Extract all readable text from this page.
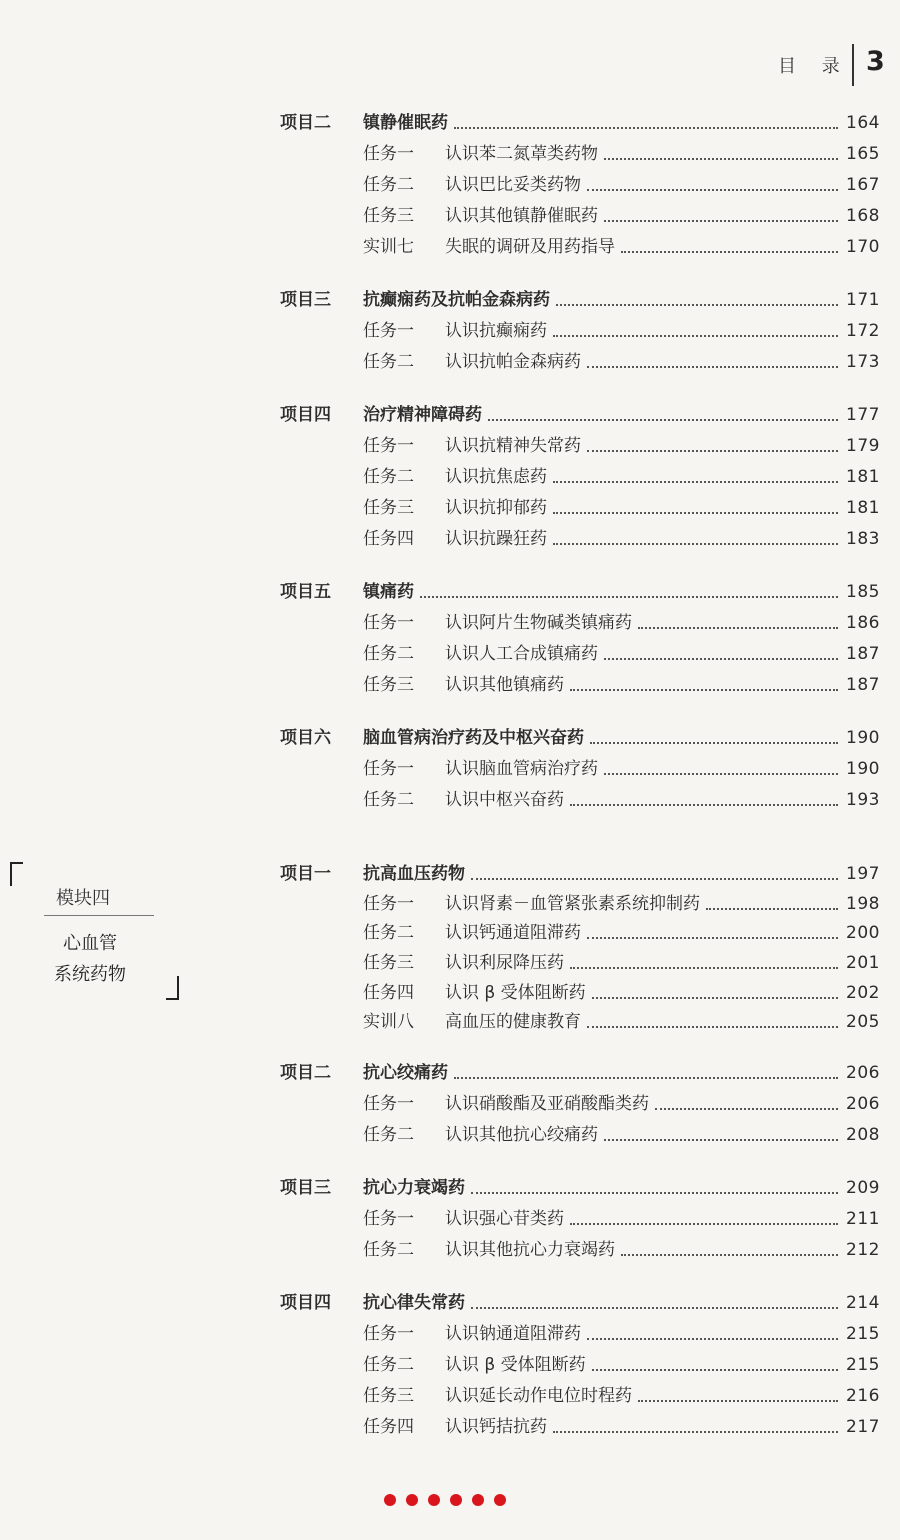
目 录 3
模块四
心血管
系统药物
项目二 镇静催眠药	164
任务一 认识苯二氮䓬类药物	165
任务二 认识巴比妥类药物	167
任务三 认识其他镇静催眠药	168
实训七 失眠的调研及用药指导	170
项目三 抗癫痫药及抗帕金森病药	171
任务一 认识抗癫痫药	172
任务二 认识抗帕金森病药	173
项目四 治疗精神障碍药	177
任务一 认识抗精神失常药	179
任务二 认识抗焦虑药	181
任务三 认识抗抑郁药	181
任务四 认识抗躁狂药	183
项目五 镇痛药	185
任务一 认识阿片生物碱类镇痛药	186
任务二 认识人工合成镇痛药	187
任务三 认识其他镇痛药	187
项目六 脑血管病治疗药及中枢兴奋药	190
任务一 认识脑血管病治疗药	190
任务二 认识中枢兴奋药	193
项目一 抗高血压药物	197
任务一 认识肾素－血管紧张素系统抑制药	198
任务二 认识钙通道阻滞药	200
任务三 认识利尿降压药	201
任务四 认识 β 受体阻断药	202
实训八 高血压的健康教育	205
项目二 抗心绞痛药	206
任务一 认识硝酸酯及亚硝酸酯类药	206
任务二 认识其他抗心绞痛药	208
项目三 抗心力衰竭药	209
任务一 认识强心苷类药	211
任务二 认识其他抗心力衰竭药	212
项目四 抗心律失常药	214
任务一 认识钠通道阻滞药	215
任务二 认识 β 受体阻断药	215
任务三 认识延长动作电位时程药	216
任务四 认识钙拮抗药	217
